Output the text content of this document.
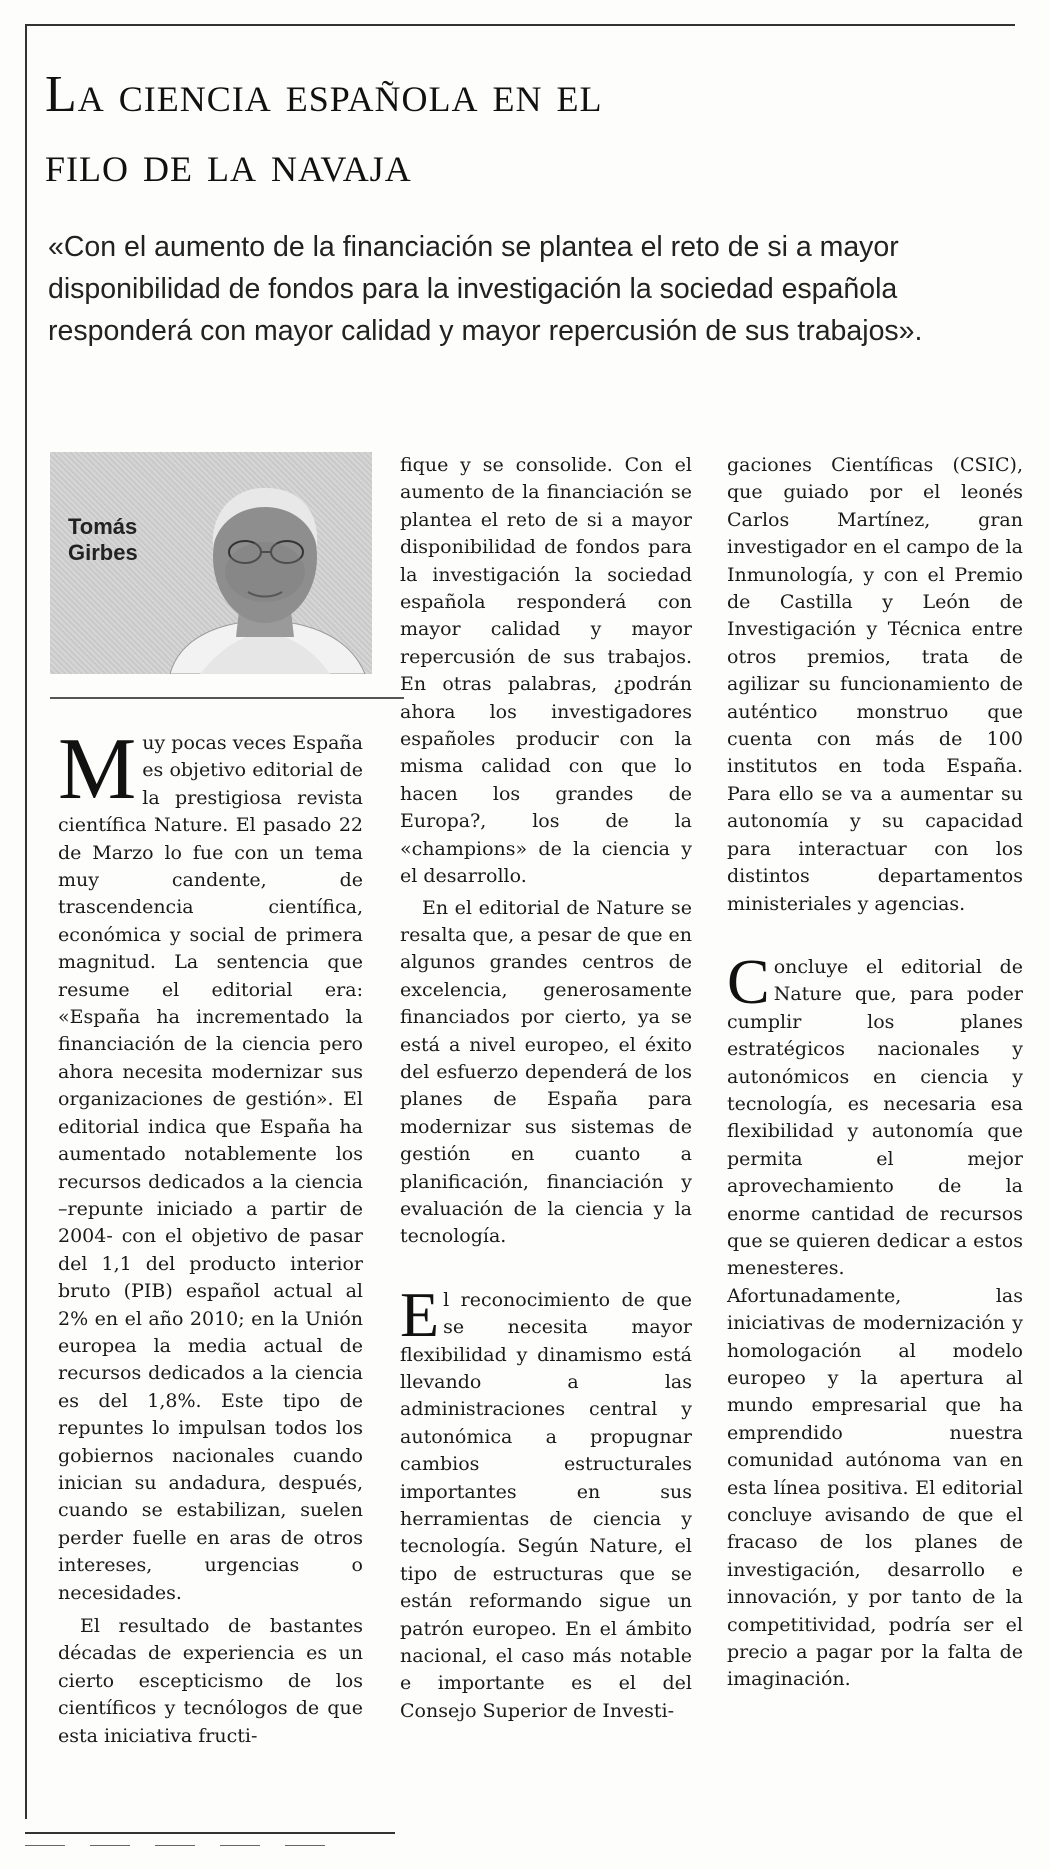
La ciencia española en el
filo de la navaja

«Con el aumento de la financiación se plantea el reto de si a mayor disponibilidad de fondos para la investigación la sociedad española responderá con mayor calidad y mayor repercusión de sus trabajos».

Tomás
Girbes

Muy pocas veces España es objetivo editorial de la prestigiosa revista científica Nature. El pasado 22 de Marzo lo fue con un tema muy candente, de trascendencia científica, económica y social de primera magnitud. La sentencia que resume el editorial era: «España ha incrementado la financiación de la ciencia pero ahora necesita modernizar sus organizaciones de gestión». El editorial indica que España ha aumentado notablemente los recursos dedicados a la ciencia –repunte iniciado a partir de 2004- con el objetivo de pasar del 1,1 del producto interior bruto (PIB) español actual al 2% en el año 2010; en la Unión europea la media actual de recursos dedicados a la ciencia es del 1,8%. Este tipo de repuntes lo impulsan todos los gobiernos nacionales cuando inician su andadura, después, cuando se estabilizan, suelen perder fuelle en aras de otros intereses, urgencias o necesidades.

El resultado de bastantes décadas de experiencia es un cierto escepticismo de los científicos y tecnólogos de que esta iniciativa fructi-

fique y se consolide. Con el aumento de la financiación se plantea el reto de si a mayor disponibilidad de fondos para la investigación la sociedad española responderá con mayor calidad y mayor repercusión de sus trabajos. En otras palabras, ¿podrán ahora los investigadores españoles producir con la misma calidad con que lo hacen los grandes de Europa?, los de la «champions» de la ciencia y el desarrollo.

En el editorial de Nature se resalta que, a pesar de que en algunos grandes centros de excelencia, generosamente financiados por cierto, ya se está a nivel europeo, el éxito del esfuerzo dependerá de los planes de España para modernizar sus sistemas de gestión en cuanto a planificación, financiación y evaluación de la ciencia y la tecnología.

El reconocimiento de que se necesita mayor flexibilidad y dinamismo está llevando a las administraciones central y autonómica a propugnar cambios estructurales importantes en sus herramientas de ciencia y tecnología. Según Nature, el tipo de estructuras que se están reformando sigue un patrón europeo. En el ámbito nacional, el caso más notable e importante es el del Consejo Superior de Investi-

gaciones Científicas (CSIC), que guiado por el leonés Carlos Martínez, gran investigador en el campo de la Inmunología, y con el Premio de Castilla y León de Investigación y Técnica entre otros premios, trata de agilizar su funcionamiento de auténtico monstruo que cuenta con más de 100 institutos en toda España. Para ello se va a aumentar su autonomía y su capacidad para interactuar con los distintos departamentos ministeriales y agencias.

Concluye el editorial de Nature que, para poder cumplir los planes estratégicos nacionales y autonómicos en ciencia y tecnología, es necesaria esa flexibilidad y autonomía que permita el mejor aprovechamiento de la enorme cantidad de recursos que se quieren dedicar a estos menesteres. Afortunadamente, las iniciativas de modernización y homologación al modelo europeo y la apertura al mundo empresarial que ha emprendido nuestra comunidad autónoma van en esta línea positiva. El editorial concluye avisando de que el fracaso de los planes de investigación, desarrollo e innovación, y por tanto de la competitividad, podría ser el precio a pagar por la falta de imaginación.
